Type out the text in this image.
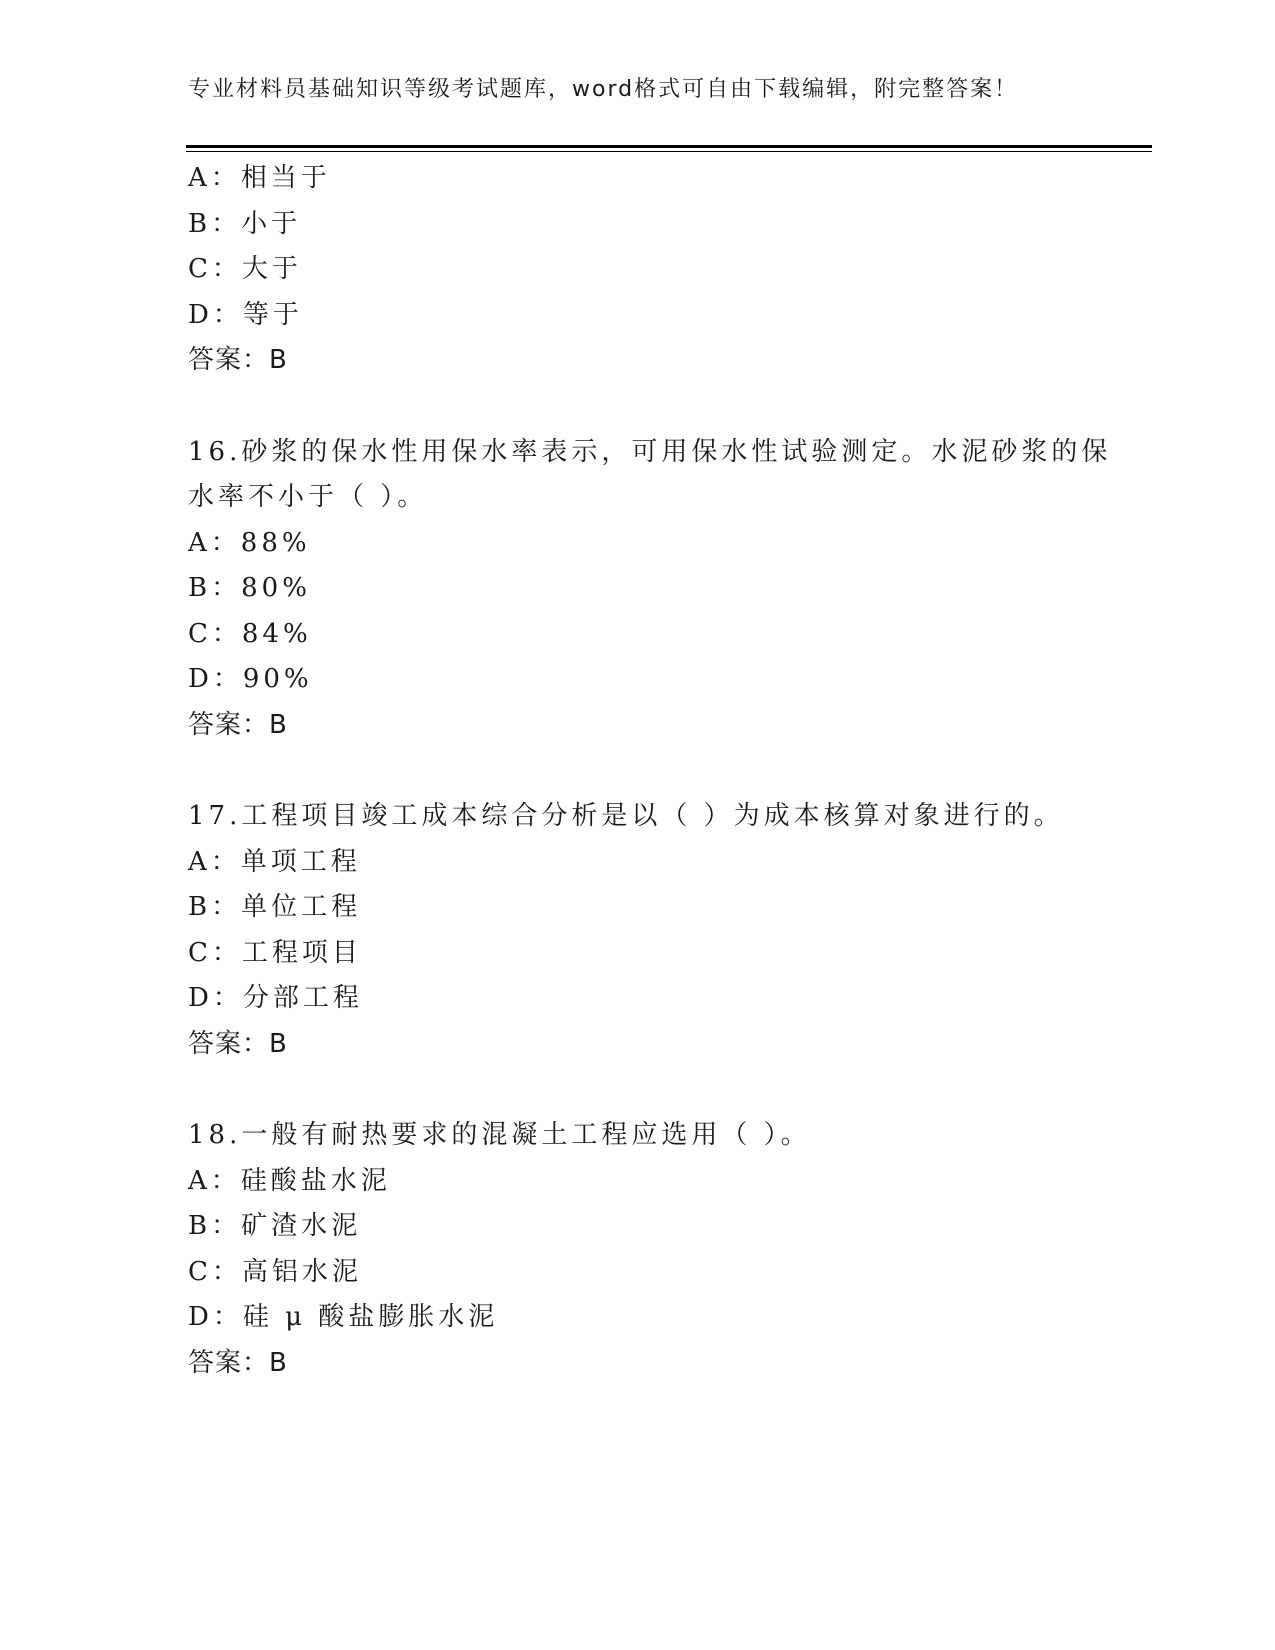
专业材料员基础知识等级考试题库，word格式可自由下载编辑，附完整答案！
A：相当于
B：小于
C：大于
D：等于
答案：B
16.砂浆的保水性用保水率表示，可用保水性试验测定。水泥砂浆的保
水率不小于（ ）。
A：88%
B：80%
C：84%
D：90%
答案：B
17.工程项目竣工成本综合分析是以（ ）为成本核算对象进行的。
A：单项工程
B：单位工程
C：工程项目
D：分部工程
答案：B
18.一般有耐热要求的混凝土工程应选用（ ）。
A：硅酸盐水泥
B：矿渣水泥
C：高铝水泥
D：硅 μ 酸盐膨胀水泥
答案：B
